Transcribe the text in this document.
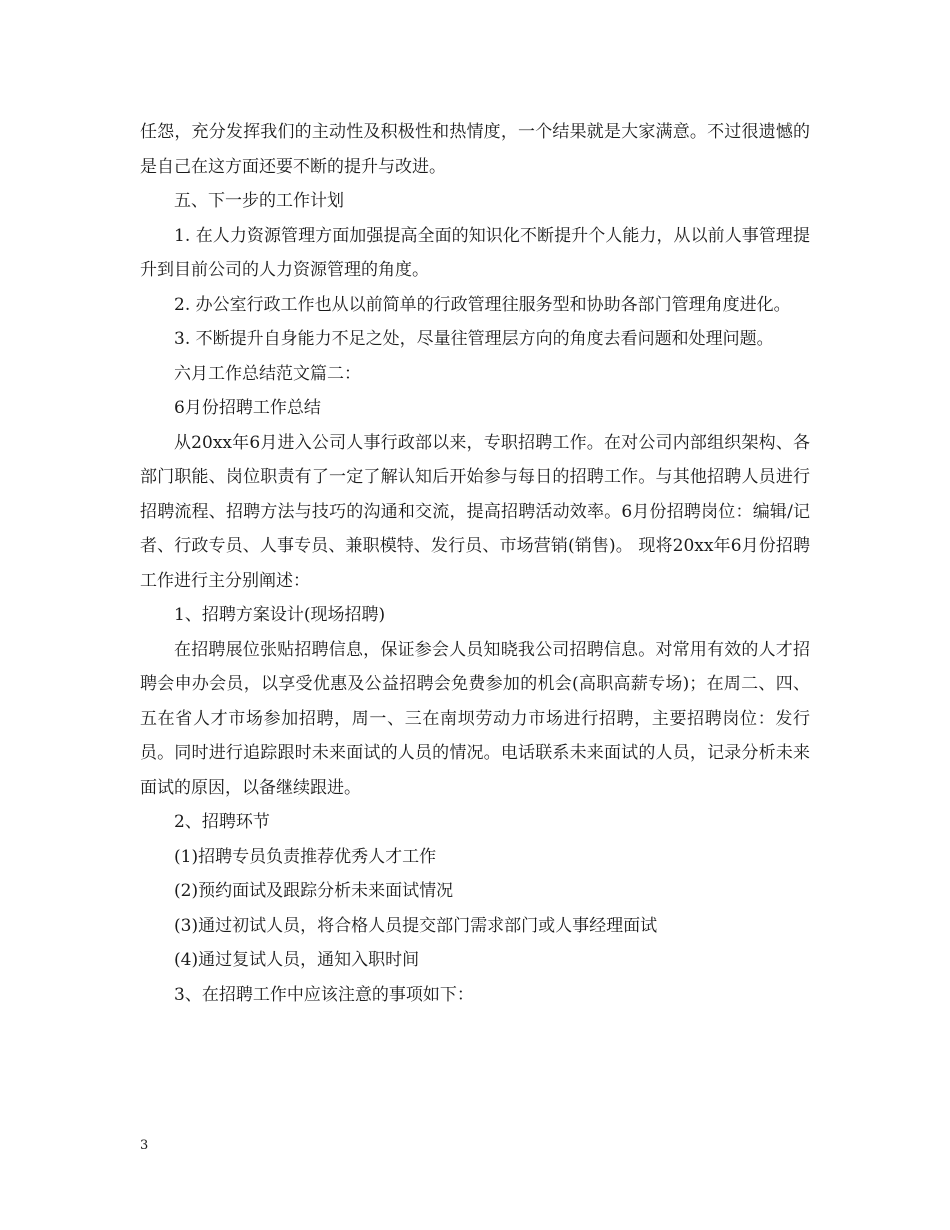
任怨，充分发挥我们的主动性及积极性和热情度，一个结果就是大家满意。不过很遗憾的是自己在这方面还要不断的提升与改进。

五、下一步的工作计划

1. 在人力资源管理方面加强提高全面的知识化不断提升个人能力，从以前人事管理提升到目前公司的人力资源管理的角度。

2. 办公室行政工作也从以前简单的行政管理往服务型和协助各部门管理角度进化。

3. 不断提升自身能力不足之处，尽量往管理层方向的角度去看问题和处理问题。

六月工作总结范文篇二：

6月份招聘工作总结

从20xx年6月进入公司人事行政部以来，专职招聘工作。在对公司内部组织架构、各部门职能、岗位职责有了一定了解认知后开始参与每日的招聘工作。与其他招聘人员进行招聘流程、招聘方法与技巧的沟通和交流，提高招聘活动效率。6月份招聘岗位：编辑/记者、行政专员、人事专员、兼职模特、发行员、市场营销(销售)。 现将20xx年6月份招聘工作进行主分别阐述：

1、招聘方案设计(现场招聘)

在招聘展位张贴招聘信息，保证参会人员知晓我公司招聘信息。对常用有效的人才招聘会申办会员，以享受优惠及公益招聘会免费参加的机会(高职高薪专场)；在周二、四、五在省人才市场参加招聘，周一、三在南坝劳动力市场进行招聘，主要招聘岗位：发行员。同时进行追踪跟时未来面试的人员的情况。电话联系未来面试的人员，记录分析未来面试的原因，以备继续跟进。

2、招聘环节

(1)招聘专员负责推荐优秀人才工作

(2)预约面试及跟踪分析未来面试情况

(3)通过初试人员，将合格人员提交部门需求部门或人事经理面试

(4)通过复试人员，通知入职时间

3、在招聘工作中应该注意的事项如下：

3
